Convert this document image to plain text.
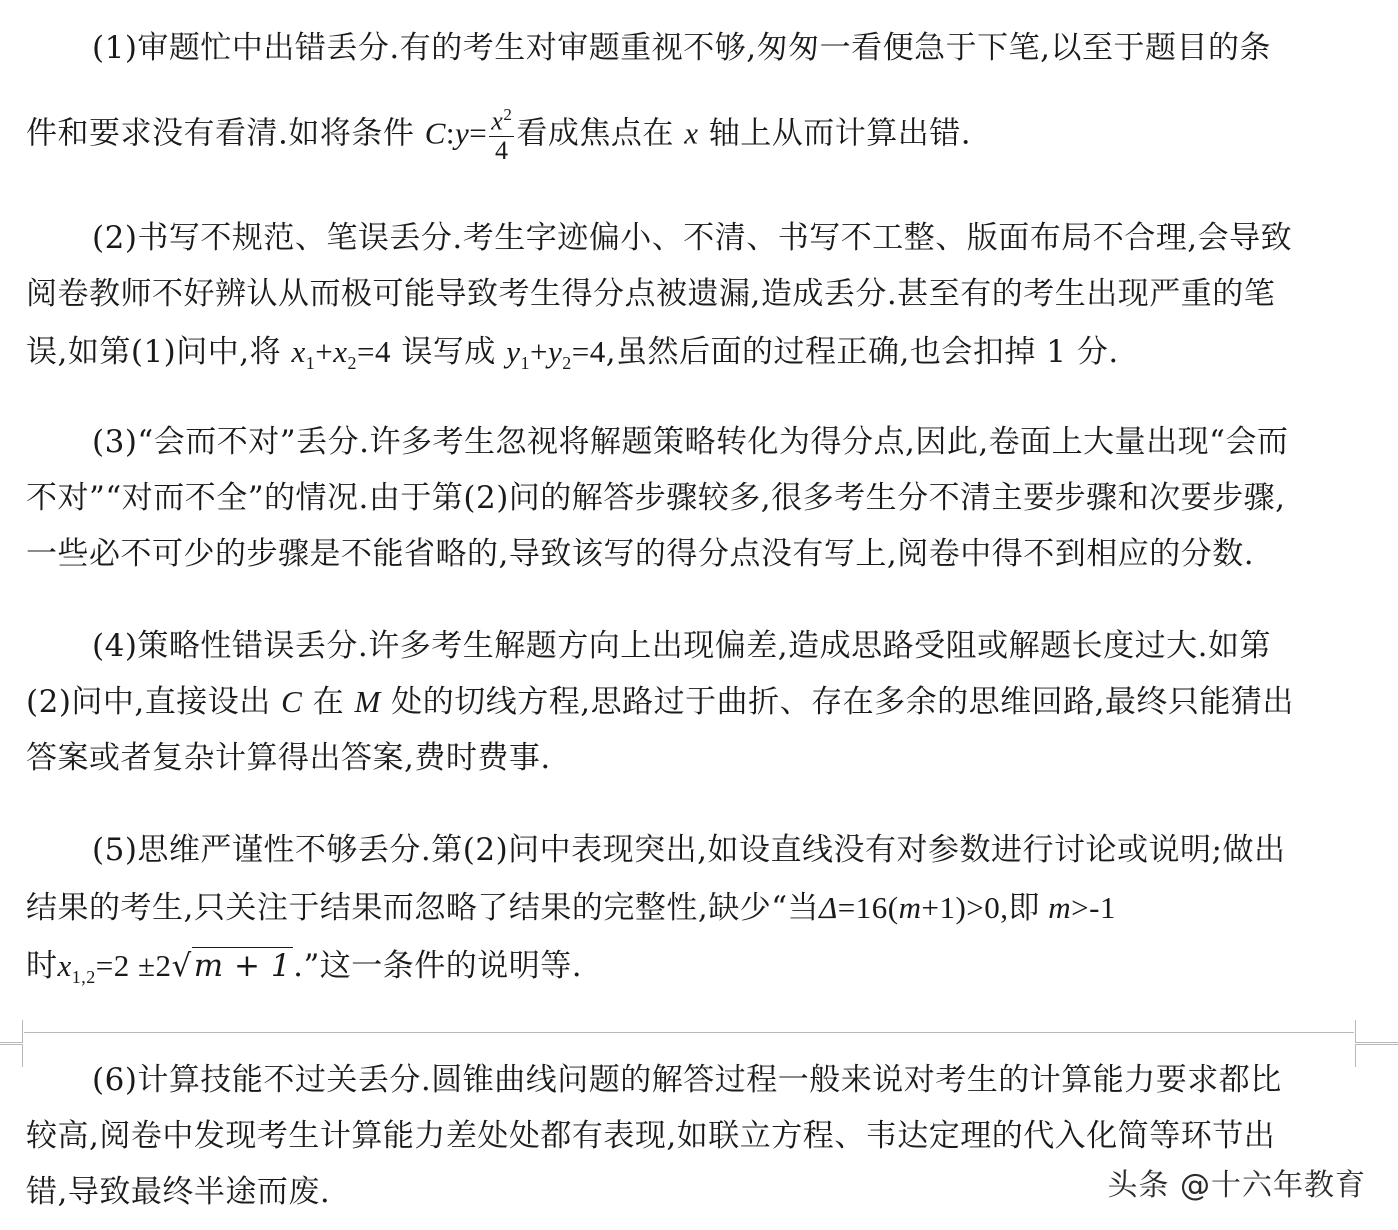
(1)审题忙中出错丢分.有的考生对审题重视不够,匆匆一看便急于下笔,以至于题目的条
件和要求没有看清.如将条件 C:y= $\frac{x^2}{4}$ 看成焦点在 x 轴上从而计算出错.
(2)书写不规范、笔误丢分.考生字迹偏小、不清、书写不工整、版面布局不合理,会导致
阅卷教师不好辨认从而极可能导致考生得分点被遗漏,造成丢分.甚至有的考生出现严重的笔
误,如第(1)问中,将 $x_1+x_2=4$ 误写成 $y_1+y_2=4$,虽然后面的过程正确,也会扣掉 1 分.
(3)“会而不对”丢分.许多考生忽视将解题策略转化为得分点,因此,卷面上大量出现“会而
不对”“对而不全”的情况.由于第(2)问的解答步骤较多,很多考生分不清主要步骤和次要步骤,
一些必不可少的步骤是不能省略的,导致该写的得分点没有写上,阅卷中得不到相应的分数.
(4)策略性错误丢分.许多考生解题方向上出现偏差,造成思路受阻或解题长度过大.如第
(2)问中,直接设出 C 在 M 处的切线方程,思路过于曲折、存在多余的思维回路,最终只能猜出
答案或者复杂计算得出答案,费时费事.
(5)思维严谨性不够丢分.第(2)问中表现突出,如设直线没有对参数进行讨论或说明;做出
结果的考生,只关注于结果而忽略了结果的完整性,缺少“当Δ=16(m+1)>0,即 m>-1
时$x_{1,2}=2 \pm 2√m + 1$.”这一条件的说明等.
(6)计算技能不过关丢分.圆锥曲线问题的解答过程一般来说对考生的计算能力要求都比
较高,阅卷中发现考生计算能力差处处都有表现,如联立方程、韦达定理的代入化简等环节出
错,导致最终半途而废.	头条 @十六年教育
